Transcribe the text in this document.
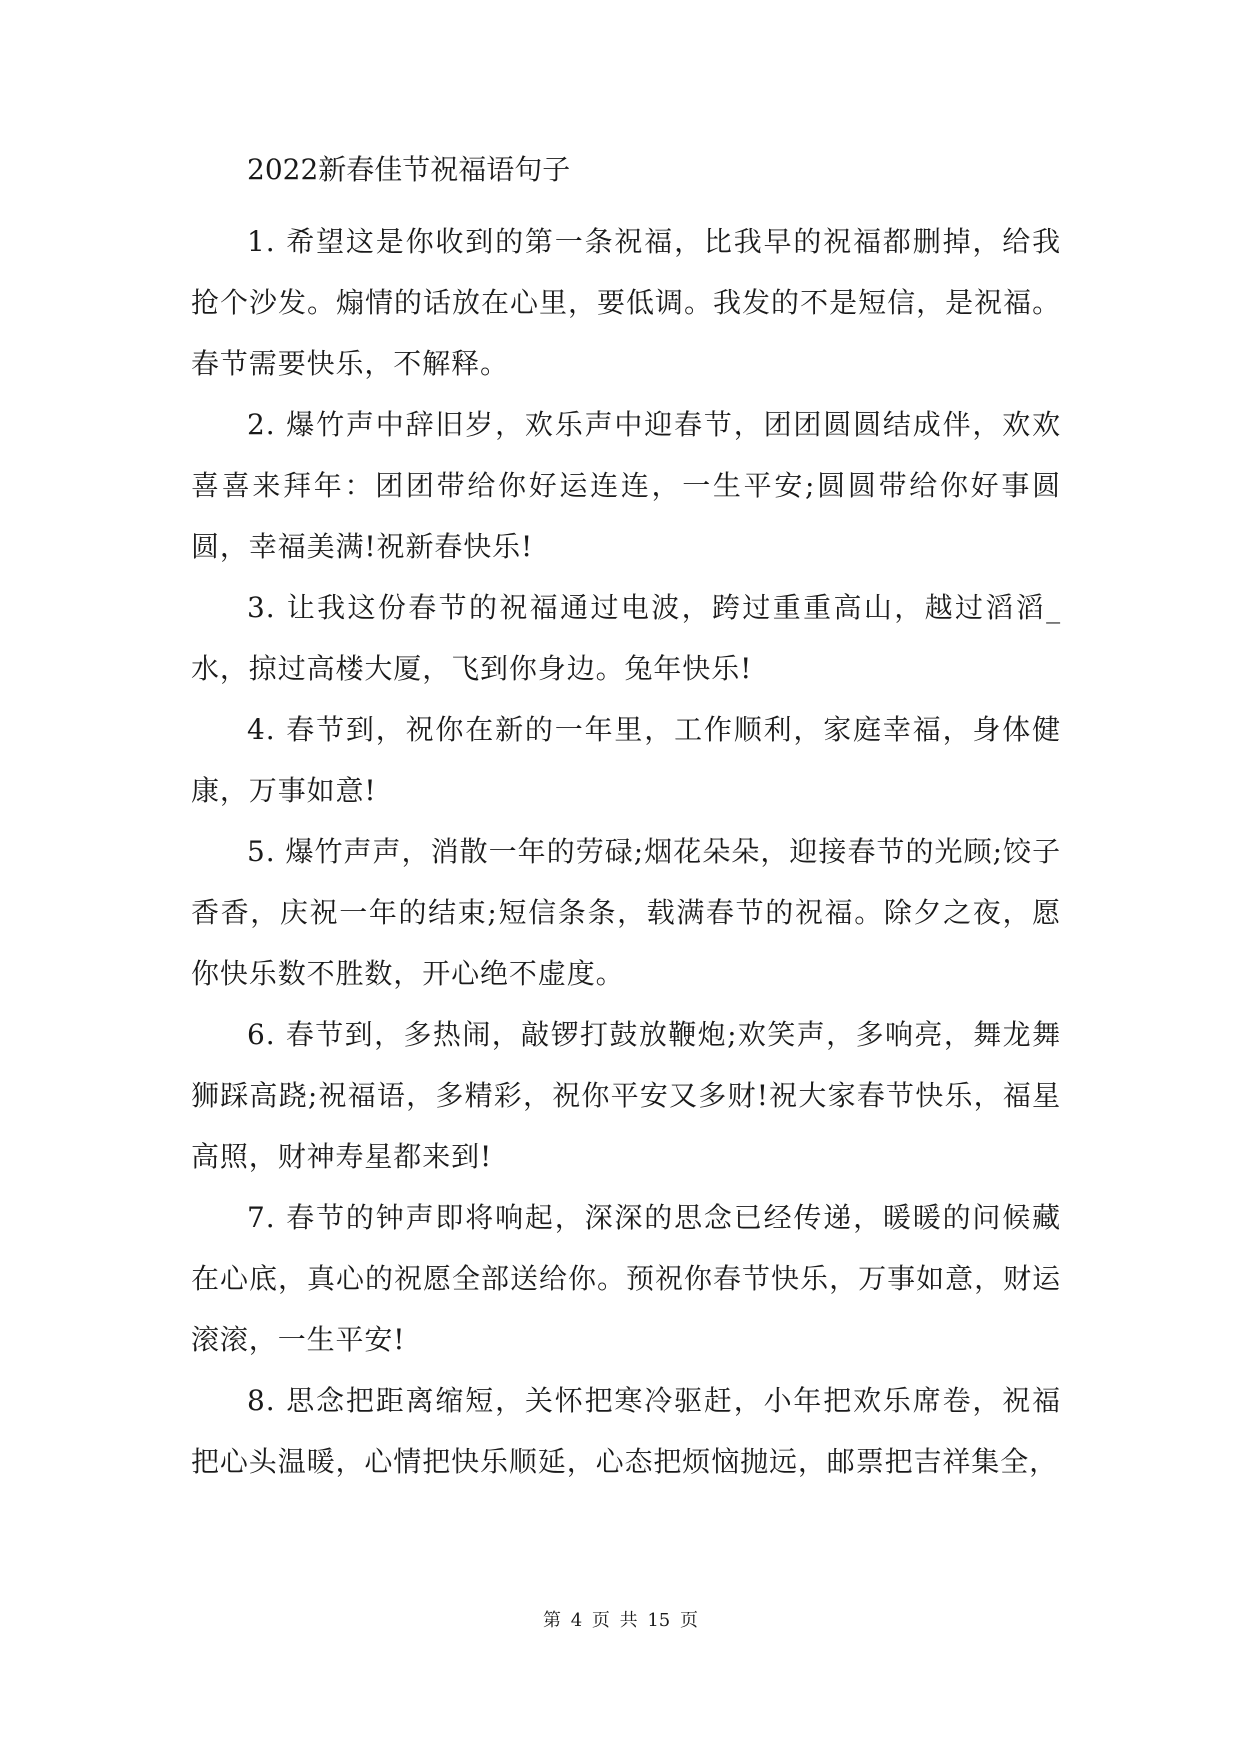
2022新春佳节祝福语句子

1. 希望这是你收到的第一条祝福，比我早的祝福都删掉，给我抢个沙发。煽情的话放在心里，要低调。我发的不是短信，是祝福。春节需要快乐，不解释。

2. 爆竹声中辞旧岁，欢乐声中迎春节，团团圆圆结成伴，欢欢喜喜来拜年：团团带给你好运连连，一生平安;圆圆带给你好事圆圆，幸福美满!祝新春快乐!

3. 让我这份春节的祝福通过电波，跨过重重高山，越过滔滔_水，掠过高楼大厦，飞到你身边。兔年快乐!

4. 春节到，祝你在新的一年里，工作顺利，家庭幸福，身体健康，万事如意!

5. 爆竹声声，消散一年的劳碌;烟花朵朵，迎接春节的光顾;饺子香香，庆祝一年的结束;短信条条，载满春节的祝福。除夕之夜，愿你快乐数不胜数，开心绝不虚度。

6. 春节到，多热闹，敲锣打鼓放鞭炮;欢笑声，多响亮，舞龙舞狮踩高跷;祝福语，多精彩，祝你平安又多财!祝大家春节快乐，福星高照，财神寿星都来到!

7. 春节的钟声即将响起，深深的思念已经传递，暖暖的问候藏在心底，真心的祝愿全部送给你。预祝你春节快乐，万事如意，财运滚滚，一生平安!

8. 思念把距离缩短，关怀把寒冷驱赶，小年把欢乐席卷，祝福把心头温暖，心情把快乐顺延，心态把烦恼抛远，邮票把吉祥集全，

第 4 页 共 15 页
